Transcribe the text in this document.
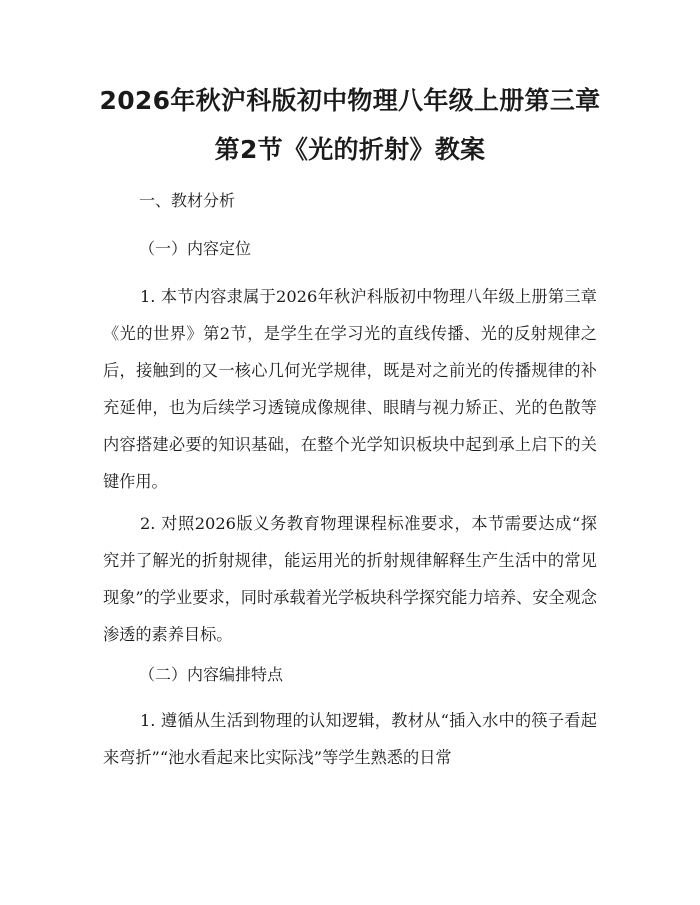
2026年秋沪科版初中物理八年级上册第三章
第2节《光的折射》教案
一、教材分析
（一）内容定位

1. 本节内容隶属于2026年秋沪科版初中物理八年级上册第三章《光的世界》第2节，是学生在学习光的直线传播、光的反射规律之后，接触到的又一核心几何光学规律，既是对之前光的传播规律的补充延伸，也为后续学习透镜成像规律、眼睛与视力矫正、光的色散等内容搭建必要的知识基础，在整个光学知识板块中起到承上启下的关键作用。

2. 对照2026版义务教育物理课程标准要求，本节需要达成“探究并了解光的折射规律，能运用光的折射规律解释生产生活中的常见现象”的学业要求，同时承载着光学板块科学探究能力培养、安全观念渗透的素养目标。

（二）内容编排特点

1. 遵循从生活到物理的认知逻辑，教材从“插入水中的筷子看起来弯折”“池水看起来比实际浅”等学生熟悉的日常
